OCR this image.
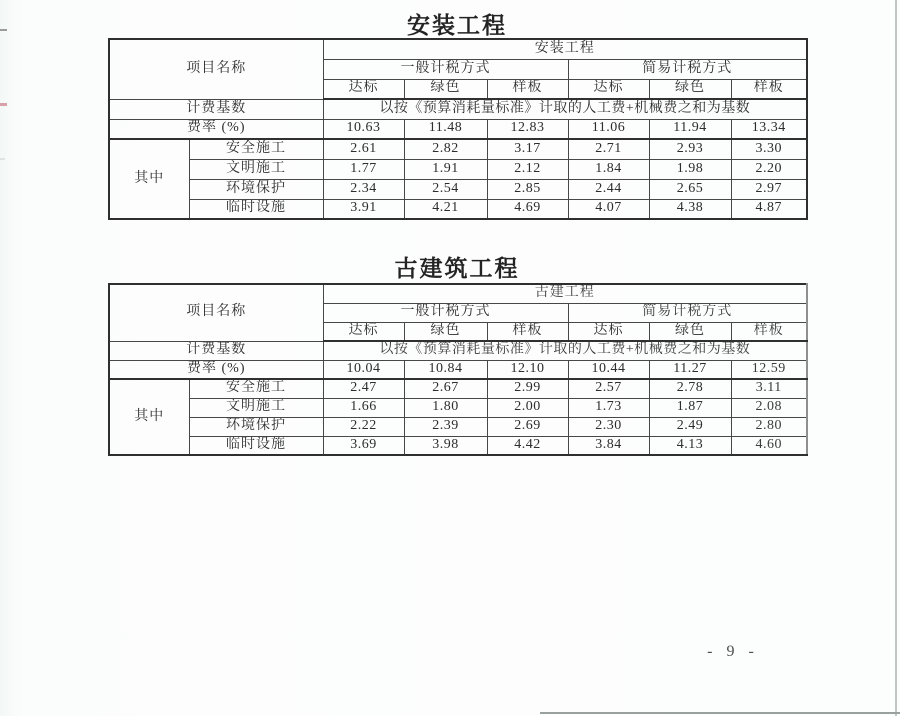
安装工程
项目名称		安装工程					
		一般计税方式			简易计税方式		
		达标	绿色	样板	达标	绿色	样板
计费基数		以按《预算消耗量标准》计取的人工费+机械费之和为基数					
费率 (%)		10.63	11.48	12.83	11.06	11.94	13.34
其中	安全施工	2.61	2.82	3.17	2.71	2.93	3.30
	文明施工	1.77	1.91	2.12	1.84	1.98	2.20
	环境保护	2.34	2.54	2.85	2.44	2.65	2.97
	临时设施	3.91	4.21	4.69	4.07	4.38	4.87
古建筑工程
项目名称		古建工程					
		一般计税方式			简易计税方式		
		达标	绿色	样板	达标	绿色	样板
计费基数		以按《预算消耗量标准》计取的人工费+机械费之和为基数					
费率 (%)		10.04	10.84	12.10	10.44	11.27	12.59
其中	安全施工	2.47	2.67	2.99	2.57	2.78	3.11
	文明施工	1.66	1.80	2.00	1.73	1.87	2.08
	环境保护	2.22	2.39	2.69	2.30	2.49	2.80
	临时设施	3.69	3.98	4.42	3.84	4.13	4.60
- 9 -
